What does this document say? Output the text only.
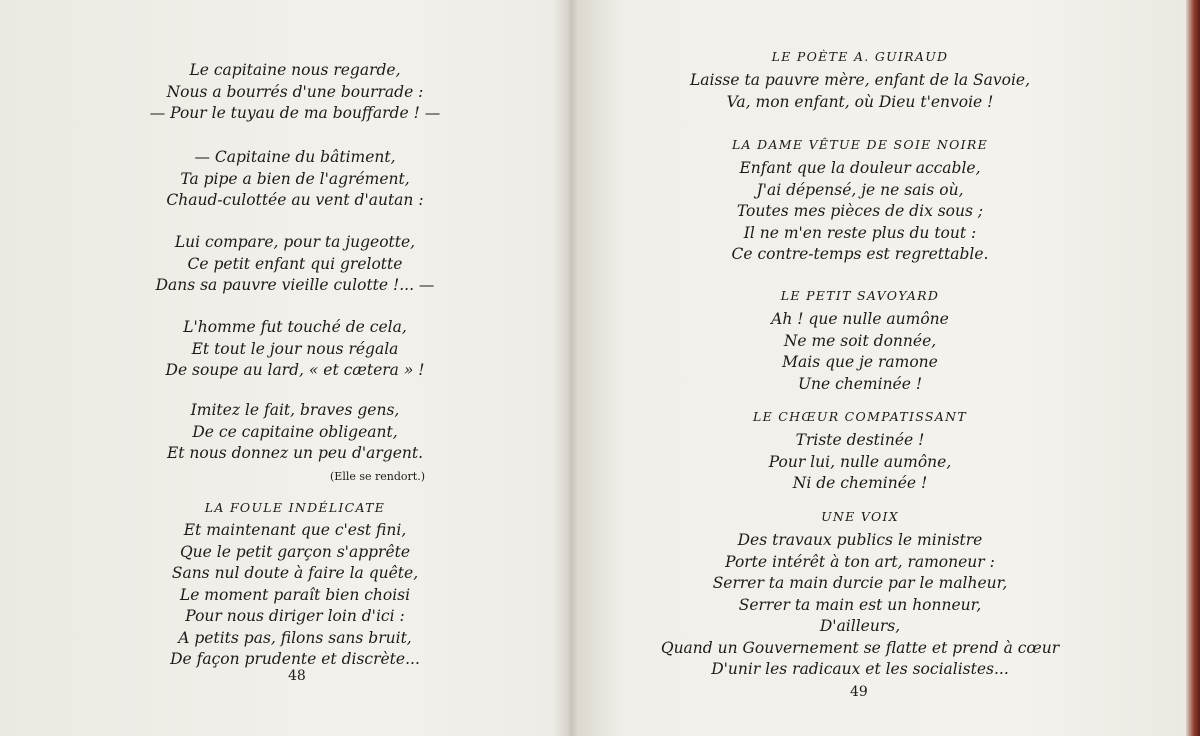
Le capitaine nous regarde,
Nous a bourrés d'une bourrade :
— Pour le tuyau de ma bouffarde ! —
— Capitaine du bâtiment,
Ta pipe a bien de l'agrément,
Chaud-culottée au vent d'autan :
Lui compare, pour ta jugeotte,
Ce petit enfant qui grelotte
Dans sa pauvre vieille culotte !... —
L'homme fut touché de cela,
Et tout le jour nous régala
De soupe au lard, « et cætera » !
Imitez le fait, braves gens,
De ce capitaine obligeant,
Et nous donnez un peu d'argent.
(Elle se rendort.)
LA FOULE INDÉLICATE
Et maintenant que c'est fini,
Que le petit garçon s'apprête
Sans nul doute à faire la quête,
Le moment paraît bien choisi
Pour nous diriger loin d'ici :
A petits pas, filons sans bruit,
De façon prudente et discrète...
48
LE POÈTE A. GUIRAUD
Laisse ta pauvre mère, enfant de la Savoie,
Va, mon enfant, où Dieu t'envoie !
LA DAME VÊTUE DE SOIE NOIRE
Enfant que la douleur accable,
J'ai dépensé, je ne sais où,
Toutes mes pièces de dix sous ;
Il ne m'en reste plus du tout :
Ce contre-temps est regrettable.
LE PETIT SAVOYARD
Ah ! que nulle aumône
Ne me soit donnée,
Mais que je ramone
Une cheminée !
LE CHŒUR COMPATISSANT
Triste destinée !
Pour lui, nulle aumône,
Ni de cheminée !
UNE VOIX
Des travaux publics le ministre
Porte intérêt à ton art, ramoneur :
Serrer ta main durcie par le malheur,
Serrer ta main est un honneur,
D'ailleurs,
Quand un Gouvernement se flatte et prend à cœur
D'unir les radicaux et les socialistes...
49
